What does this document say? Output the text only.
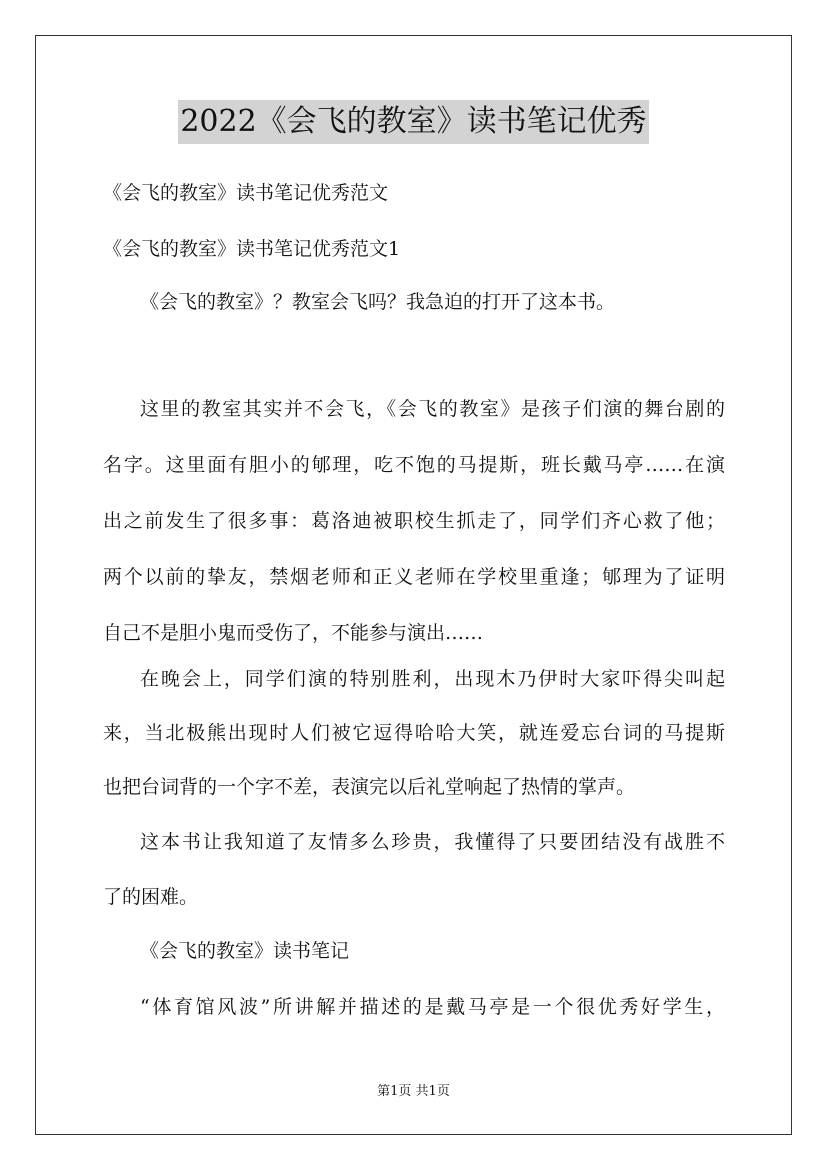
2022《会飞的教室》读书笔记优秀
《会飞的教室》读书笔记优秀范文
《会飞的教室》读书笔记优秀范文1
《会飞的教室》？教室会飞吗？我急迫的打开了这本书。
这里的教室其实并不会飞，《会飞的教室》是孩子们演的舞台剧的
名字。这里面有胆小的郇理，吃不饱的马提斯，班长戴马亭……在演
出之前发生了很多事：葛洛迪被职校生抓走了，同学们齐心救了他；
两个以前的挚友，禁烟老师和正义老师在学校里重逢；郇理为了证明
自己不是胆小鬼而受伤了，不能参与演出……
在晚会上，同学们演的特别胜利，出现木乃伊时大家吓得尖叫起
来，当北极熊出现时人们被它逗得哈哈大笑，就连爱忘台词的马提斯
也把台词背的一个字不差，表演完以后礼堂响起了热情的掌声。
这本书让我知道了友情多么珍贵，我懂得了只要团结没有战胜不
了的困难。
《会飞的教室》读书笔记
“体育馆风波”所讲解并描述的是戴马亭是一个很优秀好学生，
第1页 共1页
